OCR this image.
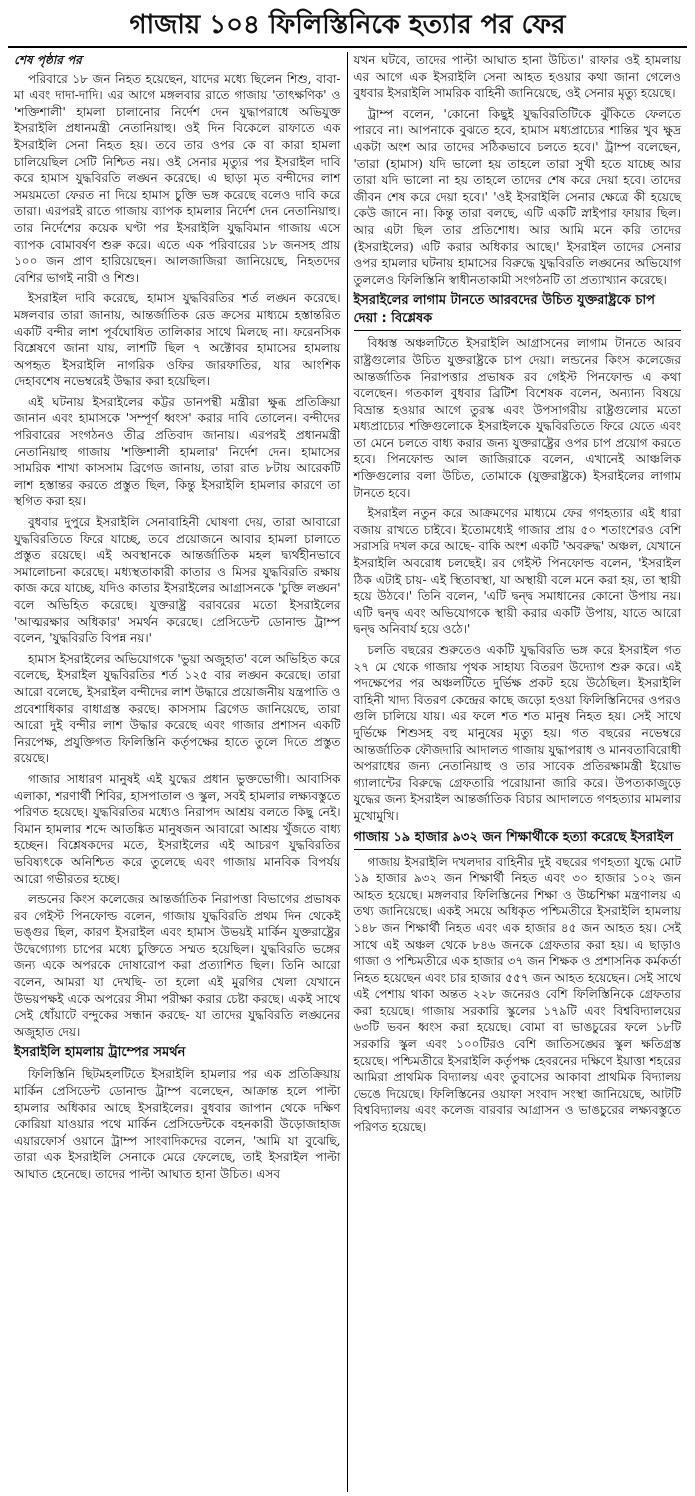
গাজায় ১০৪ ফিলিস্তিনিকে হত্যার পর ফের

শেষ পৃষ্ঠার পর

পরিবারে ১৮ জন নিহত হয়েছেন, যাদের মধ্যে ছিলেন শিশু, বাবা-মা এবং দাদা-দাদি। এর আগে মঙ্গলবার রাতে গাজায় 'তাৎক্ষণিক' ও 'শক্তিশালী' হামলা চালানোর নির্দেশ দেন যুদ্ধাপরাধে অভিযুক্ত ইসরাইলি প্রধানমন্ত্রী নেতানিয়াহু। ওই দিন বিকেলে রাফাতে এক ইসরাইলি সেনা নিহত হয়। তবে তার ওপর কে বা কারা হামলা চালিয়েছিল সেটি নিশ্চিত নয়। ওই সেনার মৃত্যুর পর ইসরাইল দাবি করে হামাস যুদ্ধবিরতি লঙ্ঘন করেছে। এ ছাড়া মৃত বন্দীদের লাশ সময়মতো ফেরত না দিয়ে হামাস চুক্তি ভঙ্গ করেছে বলেও দাবি করে তারা। এরপরই রাতে গাজায় ব্যাপক হামলার নির্দেশ দেন নেতানিয়াহু। তার নির্দেশের কয়েক ঘণ্টা পর ইসরাইলি যুদ্ধবিমান গাজায় এসে ব্যাপক বোমাবর্ষণ শুরু করে। এতে এক পরিবারের ১৮ জনসহ প্রায় ১০০ জন প্রাণ হারিয়েছেন। আলজাজিরা জানিয়েছে, নিহতদের বেশির ভাগই নারী ও শিশু।

ইসরাইল দাবি করেছে, হামাস যুদ্ধবিরতির শর্ত লঙ্ঘন করেছে। মঙ্গলবার তারা জানায়, আন্তর্জাতিক রেড ক্রসের মাধ্যমে হস্তান্তরিত একটি বন্দীর লাশ পূর্বঘোষিত তালিকার সাথে মিলছে না। ফরেনসিক বিশ্লেষণে জানা যায়, লাশটি ছিল ৭ অক্টোবর হামাসের হামলায় অপহৃত ইসরাইলি নাগরিক ওফির জারফাতির, যার আংশিক দেহাবশেষ নভেম্বরেই উদ্ধার করা হয়েছিল।

এই ঘটনায় ইসরাইলের কট্টর ডানপন্থী মন্ত্রীরা ক্ষুব্ধ প্রতিক্রিয়া জানান এবং হামাসকে 'সম্পূর্ণ ধ্বংস' করার দাবি তোলেন। বন্দীদের পরিবারের সংগঠনও তীব্র প্রতিবাদ জানায়। এরপরই প্রধানমন্ত্রী নেতানিয়াহু গাজায় 'শক্তিশালী হামলার' নির্দেশ দেন। হামাসের সামরিক শাখা কাসসাম ব্রিগেড জানায়, তারা রাত ৮টায় আরেকটি লাশ হস্তান্তর করতে প্রস্তুত ছিল, কিন্তু ইসরাইলি হামলার কারণে তা স্থগিত করা হয়।

বুধবার দুপুরে ইসরাইলি সেনাবাহিনী ঘোষণা দেয়, তারা আবারো যুদ্ধবিরতিতে ফিরে যাচ্ছে, তবে প্রয়োজনে আবার হামলা চালাতে প্রস্তুত রয়েছে। এই অবস্থানকে আন্তর্জাতিক মহল দ্ব্যর্থহীনভাবে সমালোচনা করেছে। মধ্যস্থতাকারী কাতার ও মিসর যুদ্ধবিরতি রক্ষায় কাজ করে যাচ্ছে, যদিও কাতার ইসরাইলের আগ্রাসনকে 'চুক্তি লঙ্ঘন' বলে অভিহিত করেছে। যুক্তরাষ্ট্র বরাবরের মতো ইসরাইলের 'আত্মরক্ষার অধিকার' সমর্থন করেছে। প্রেসিডেন্ট ডোনাল্ড ট্রাম্প বলেন, 'যুদ্ধবিরতি বিপন্ন নয়।'

হামাস ইসরাইলের অভিযোগকে 'ভুয়া অজুহাত' বলে অভিহিত করে বলেছে, ইসরাইল যুদ্ধবিরতির শর্ত ১২৫ বার লঙ্ঘন করেছে। তারা আরো বলেছে, ইসরাইল বন্দীদের লাশ উদ্ধারে প্রয়োজনীয় যন্ত্রপাতি ও প্রবেশাধিকার বাধাগ্রস্ত করছে। কাসসাম ব্রিগেড জানিয়েছে, তারা আরো দুই বন্দীর লাশ উদ্ধার করেছে এবং গাজার প্রশাসন একটি নিরপেক্ষ, প্রযুক্তিগত ফিলিস্তিনি কর্তৃপক্ষের হাতে তুলে দিতে প্রস্তুত রয়েছে।

গাজার সাধারণ মানুষই এই যুদ্ধের প্রধান ভুক্তভোগী। আবাসিক এলাকা, শরণার্থী শিবির, হাসপাতাল ও স্কুল, সবই হামলার লক্ষ্যবস্তুতে পরিণত হয়েছে। যুদ্ধবিরতির মধ্যেও নিরাপদ আশ্রয় বলতে কিছু নেই। বিমান হামলার শব্দে আতঙ্কিত মানুষজন আবারো আশ্রয় খুঁজতে বাধ্য হচ্ছেন। বিশ্লেষকদের মতে, ইসরাইলের এই আচরণ যুদ্ধবিরতির ভবিষ্যৎকে অনিশ্চিত করে তুলেছে এবং গাজায় মানবিক বিপর্যয় আরো গভীরতর হচ্ছে।

লন্ডনের কিংস কলেজের আন্তর্জাতিক নিরাপত্তা বিভাগের প্রভাষক রব গেইস্ট পিনফোল্ড বলেন, গাজায় যুদ্ধবিরতি প্রথম দিন থেকেই ভঙ্গুর ছিল, কারণ ইসরাইল এবং হামাস উভয়ই মার্কিন যুক্তরাষ্ট্রের উদ্বেগ্যোগ্য চাপের মধ্যে চুক্তিতে সম্মত হয়েছিল। যুদ্ধবিরতি ভঙ্গের জন্য একে অপরকে দোষারোপ করা প্রত্যাশিত ছিল। তিনি আরো বলেন, আমরা যা দেখছি- তা হলো এই মুরগির খেলা যেখানে উভয়পক্ষই একে অপরের সীমা পরীক্ষা করার চেষ্টা করছে। একই সাথে সেই ধোঁয়াটে বন্দুকের সন্ধান করছে- যা তাদের যুদ্ধবিরতি লঙ্ঘনের অজুহাত দেয়।

ইসরাইলি হামলায় ট্রাম্পের সমর্থন

ফিলিস্তিনি ছিটমহলটিতে ইসরাইলি হামলার পর এক প্রতিক্রিয়ায় মার্কিন প্রেসিডেন্ট ডোনাল্ড ট্রাম্প বলেছেন, আক্রান্ত হলে পাল্টা হামলার অধিকার আছে ইসরাইলের। বুধবার জাপান থেকে দক্ষিণ কোরিয়া যাওয়ার পথে মার্কিন প্রেসিডেন্টকে বহনকারী উড়োজাহাজ এয়ারফোর্স ওয়ানে ট্রাম্প সাংবাদিকদের বলেন, 'আমি যা বুঝেছি, তারা এক ইসরাইলি সেনাকে মেরে ফেলেছে, তাই ইসরাইল পাল্টা আঘাত হেনেছে। তাদের পাল্টা আঘাত হানা উচিত। এসব

যখন ঘটবে, তাদের পাল্টা আঘাত হানা উচিত।' রাফার ওই হামলায় এর আগে এক ইসরাইলি সেনা আহত হওয়ার কথা জানা গেলেও বুধবার ইসরাইলি সামরিক বাহিনী জানিয়েছে, ওই সেনার মৃত্যু হয়েছে।

ট্রাম্প বলেন, 'কোনো কিছুই যুদ্ধবিরতিটিকে ঝুঁকিতে ফেলতে পারবে না। আপনাকে বুঝতে হবে, হামাস মধ্যপ্রাচ্যের শান্তির খুব ক্ষুদ্র একটা অংশ আর তাদের সঠিকভাবে চলতে হবে।' ট্রাম্প বলেছেন, 'তারা (হামাস) যদি ভালো হয় তাহলে তারা সুখী হতে যাচ্ছে আর তারা যদি ভালো না হয় তাহলে তাদের শেষ করে দেয়া হবে। তাদের জীবন শেষ করে দেয়া হবে।' 'ওই ইসরাইলি সেনার ক্ষেত্রে কী হয়েছে কেউ জানে না। কিন্তু তারা বলছে, এটি একটি স্নাইপার ফায়ার ছিল। আর এটা ছিল তার প্রতিশোধ। আর আমি মনে করি তাদের (ইসরাইলের) এটি করার অধিকার আছে।' ইসরাইল তাদের সেনার ওপর হামলার ঘটনায় হামাসের বিরুদ্ধে যুদ্ধবিরতি লঙ্ঘনের অভিযোগ তুললেও ফিলিস্তিনি স্বাধীনতাকামী সংগঠনটি তা প্রত্যাখ্যান করেছে।

ইসরাইলের লাগাম টানতে আরবদের উচিত যুক্তরাষ্ট্রকে চাপ দেয়া : বিশ্লেষক

বিধ্বস্ত অঞ্চলটিতে ইসরাইলি আগ্রাসনের লাগাম টানতে আরব রাষ্ট্রগুলোর উচিত যুক্তরাষ্ট্রকে চাপ দেয়া। লন্ডনের কিংস কলেজের আন্তর্জাতিক নিরাপত্তার প্রভাষক রব গেইস্ট পিনফোল্ড এ কথা বলেছেন। গতকাল বুধবার ব্রিটিশ বিশেষক বলেন, অন্যান্য বিষয়ে বিভ্রান্ত হওয়ার আগে তুরস্ক এবং উপসাগরীয় রাষ্ট্রগুলোর মতো মধ্যপ্রাচ্যের শক্তিগুলোকে ইসরাইলকে যুদ্ধবিরতিতে ফিরে যেতে এবং তা মেনে চলতে বাধ্য করার জন্য যুক্তরাষ্ট্রের ওপর চাপ প্রয়োগ করতে হবে। পিনফোল্ড আল জাজিরাকে বলেন, এখানেই আঞ্চলিক শক্তিগুলোর বলা উচিত, তোমাকে (যুক্তরাষ্ট্রকে) ইসরাইলের লাগাম টানতে হবে।

ইসরাইল নতুন করে আক্রমণের মাধ্যমে ফের গণহত্যার এই ধারা বজায় রাখতে চাইবে। ইতোমধ্যেই গাজার প্রায় ৫০ শতাংশেরও বেশি সরাসরি দখল করে আছে- বাকি অংশ একটি 'অবরুদ্ধ' অঞ্চল, যেখানে ইসরাইলি অবরোধ চলছেই। রব গেইস্ট পিনফোল্ড বলেন, 'ইসরাইল ঠিক এটাই চায়- এই স্থিতাবস্থা, যা অস্থায়ী বলে মনে করা হয়, তা স্থায়ী হয়ে উঠবে।' তিনি বলেন, 'এটি দ্বন্দ্ব সমাধানের কোনো উপায় নয়। এটি দ্বন্দ্ব এবং অভিযোগকে স্থায়ী করার একটি উপায়, যাতে আরো দ্বন্দ্ব অনিবার্য হয়ে ওঠে।'

চলতি বছরের শুরুতেও একটি যুদ্ধবিরতি ভঙ্গ করে ইসরাইল গত ২৭ মে থেকে গাজায় পৃথক সাহায্য বিতরণ উদ্যোগ শুরু করে। এই পদক্ষেপের পর অঞ্চলটিতে দুর্ভিক্ষ প্রকট হয়ে উঠেছিল। ইসরাইলি বাহিনী খাদ্য বিতরণ কেন্দ্রের কাছে জড়ো হওয়া ফিলিস্তিনিদের ওপরও গুলি চালিয়ে যায়। এর ফলে শত শত মানুষ নিহত হয়। সেই সাথে দুর্ভিক্ষে শিশুসহ বহু মানুষের মৃত্যু হয়। গত বছরের নভেম্বরে আন্তর্জাতিক ফৌজদারি আদালত গাজায় যুদ্ধাপরাধ ও মানবতাবিরোধী অপরাধের জন্য নেতানিয়াহু ও তার সাবেক প্রতিরক্ষামন্ত্রী ইয়োভ গ্যালান্টের বিরুদ্ধে গ্রেফতারি পরোয়ানা জারি করে। উপত্যকাজুড়ে যুদ্ধের জন্য ইসরাইল আন্তর্জাতিক বিচার আদালতে গণহত্যার মামলার মুখোমুখি।

গাজায় ১৯ হাজার ৯৩২ জন শিক্ষার্থীকে হত্যা করেছে ইসরাইল

গাজায় ইসরাইলি দখলদার বাহিনীর দুই বছরের গণহত্যা যুদ্ধে মোট ১৯ হাজার ৯৩২ জন শিক্ষার্থী নিহত এবং ৩০ হাজার ১০২ জন আহত হয়েছে। মঙ্গলবার ফিলিস্তিনের শিক্ষা ও উচ্চশিক্ষা মন্ত্রণালয় এ তথ্য জানিয়েছে। একই সময়ে অধিকৃত পশ্চিমতীরে ইসরাইলি হামলায় ১৪৮ জন শিক্ষার্থী নিহত এবং এক হাজার ৪৫ জন আহত হয়। সেই সাথে এই অঞ্চল থেকে ৮৪৬ জনকে গ্রেফতার করা হয়। এ ছাড়াও গাজা ও পশ্চিমতীরে এক হাজার ৩৭ জন শিক্ষক ও প্রশাসনিক কর্মকর্তা নিহত হয়েছেন এবং চার হাজার ৫৫৭ জন আহত হয়েছেন। সেই সাথে এই পেশায় থাকা অন্তত ২২৮ জনেরও বেশি ফিলিস্তিনিকে গ্রেফতার করা হয়েছে। গাজায় সরকারি স্কুলের ১৭৯টি এবং বিশ্ববিদ্যালয়ের ৬৩টি ভবন ধ্বংস করা হয়েছে। বোমা বা ভাঙচুরের ফলে ১৮টি সরকারি স্কুল এবং ১০০টিরও বেশি জাতিসঙ্ঘের স্কুল ক্ষতিগ্রস্ত হয়েছে। পশ্চিমতীরে ইসরাইলি কর্তৃপক্ষ হেবরনের দক্ষিণে ইয়াত্তা শহরের আমিরা প্রাথমিক বিদ্যালয় এবং তুবাসের আকাবা প্রাথমিক বিদ্যালয় ভেঙে দিয়েছে। ফিলিস্তিনের ওয়াফা সংবাদ সংস্থা জানিয়েছে, আটটি বিশ্ববিদ্যালয় এবং কলেজ বারবার আগ্রাসন ও ভাঙচুরের লক্ষ্যবস্তুতে পরিণত হয়েছে।
